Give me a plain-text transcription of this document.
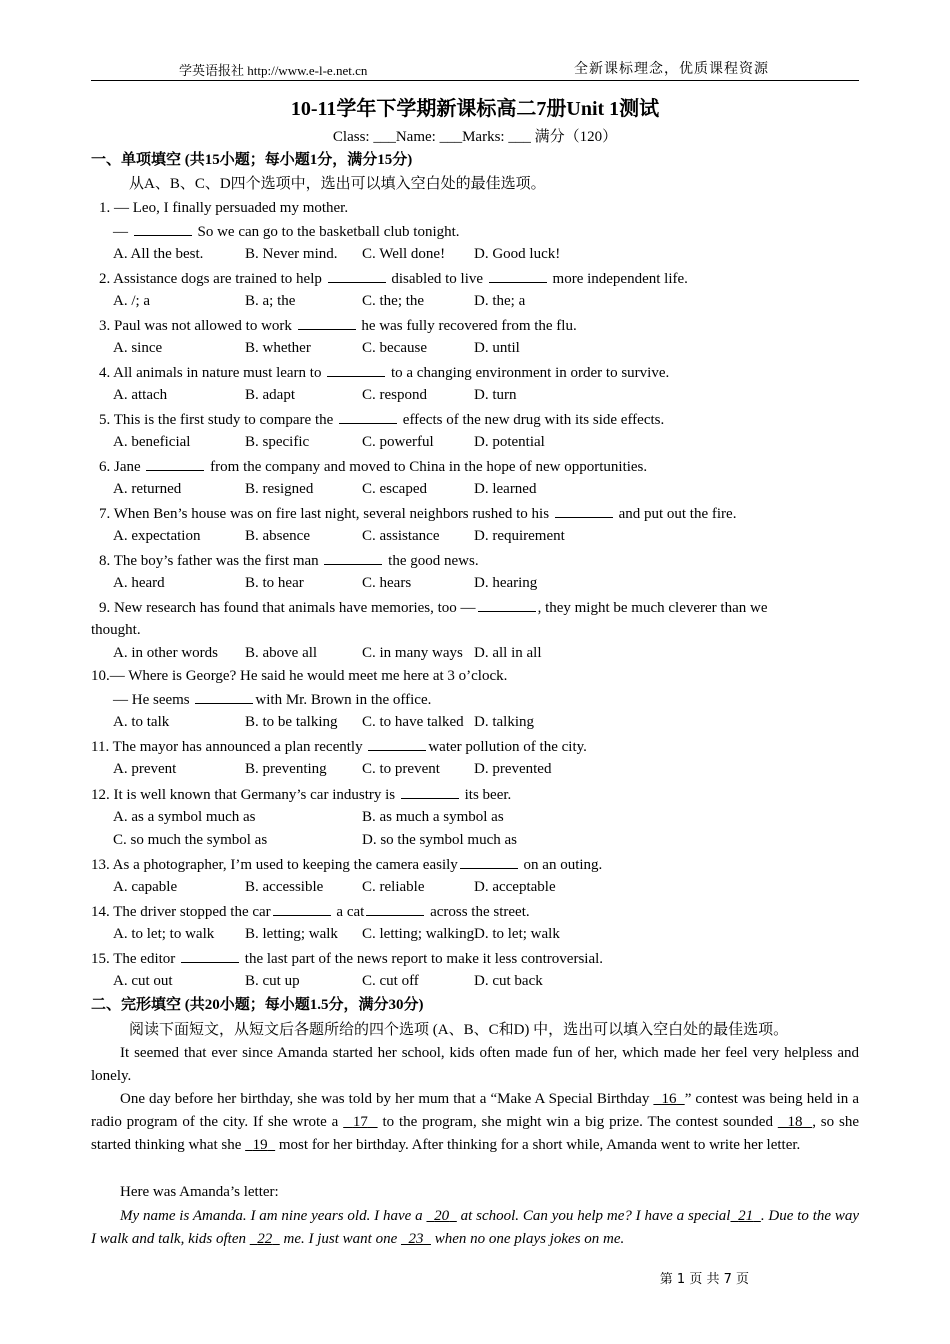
学英语报社 http://www.e-l-e.net.cn	全新课标理念，优质课程资源
10-11学年下学期新课标高二7册Unit 1测试
Class: ___Name: ___Marks: ___ 满分（120）
一、单项填空 (共15小题；每小题1分，满分15分)
从A、B、C、D四个选项中，选出可以填入空白处的最佳选项。
1. — Leo, I finally persuaded my mother.
—	So we can go to the basketball club tonight.
A. All the best.	B. Never mind. C. Well done! D. Good luck!
2. Assistance dogs are trained to help	disabled to live	more independent life.
A. /; a	B. a; the	C. the; the	D. the; a
3. Paul was not allowed to work	he was fully recovered from the flu.
A. since	B. whether	C. because	D. until
4. All animals in nature must learn to	to a changing environment in order to survive.
A. attach	B. adapt	C. respond	D. turn
5. This is the first study to compare the	effects of the new drug with its side effects.
A. beneficial	B. specific	C. powerful	D. potential
6. Jane	from the company and moved to China in the hope of new opportunities.
A. returned	B. resigned	C. escaped	D. learned
7. When Ben’s house was on fire last night, several neighbors rushed to his	and put out the fire.
A. expectation	B. absence	C. assistance D. requirement
8. The boy’s father was the first man	the good news.
A. heard	B. to hear	C. hears	D. hearing
9. New research has found that animals have memories, too —	, they might be much cleverer than we
thought.
A. in other words B. above all	C. in many ways D. all in all
10.— Where is George? He said he would meet me here at 3 o’clock.
— He seems	with Mr. Brown in the office.
A. to talk	B. to be talking C. to have talked D. talking
11. The mayor has announced a plan recently	water pollution of the city.
A. prevent	B. preventing C. to prevent D. prevented
12. It is well known that Germany’s car industry is	its beer.
A. as a symbol much as	B. as much a symbol as
C. so much the symbol as	D. so the symbol much as
13. As a photographer, I’m used to keeping the camera easily	on an outing.
A. capable	B. accessible	C. reliable	D. acceptable
14. The driver stopped the car	a cat	across the street.
A. to let; to walk B. letting; walk C. letting; walking D. to let; walk
15. The editor	the last part of the news report to make it less controversial.
A. cut out	B. cut up	C. cut off	D. cut back
二、完形填空 (共20小题；每小题1.5分，满分30分)
阅读下面短文，从短文后各题所给的四个选项 (A、B、C和D) 中，选出可以填入空白处的最佳选项。
It seemed that ever since Amanda started her school, kids often made fun of her, which made her feel very helpless and lonely.
One day before her birthday, she was told by her mum that a “Make A Special Birthday   16 ” contest was being held in a radio program of the city. If she wrote a   17   to the program, she might win a big prize. The contest sounded   18 , so she started thinking what she   19   most for her birthday. After thinking for a short while, Amanda went to write her letter.
Here was Amanda’s letter:
My name is Amanda. I am nine years old. I have a   20   at school. Can you help me? I have a special 21 . Due to the way I walk and talk, kids often   22   me. I just want one   23   when no one plays jokes on me.
第 1 页 共 7 页
